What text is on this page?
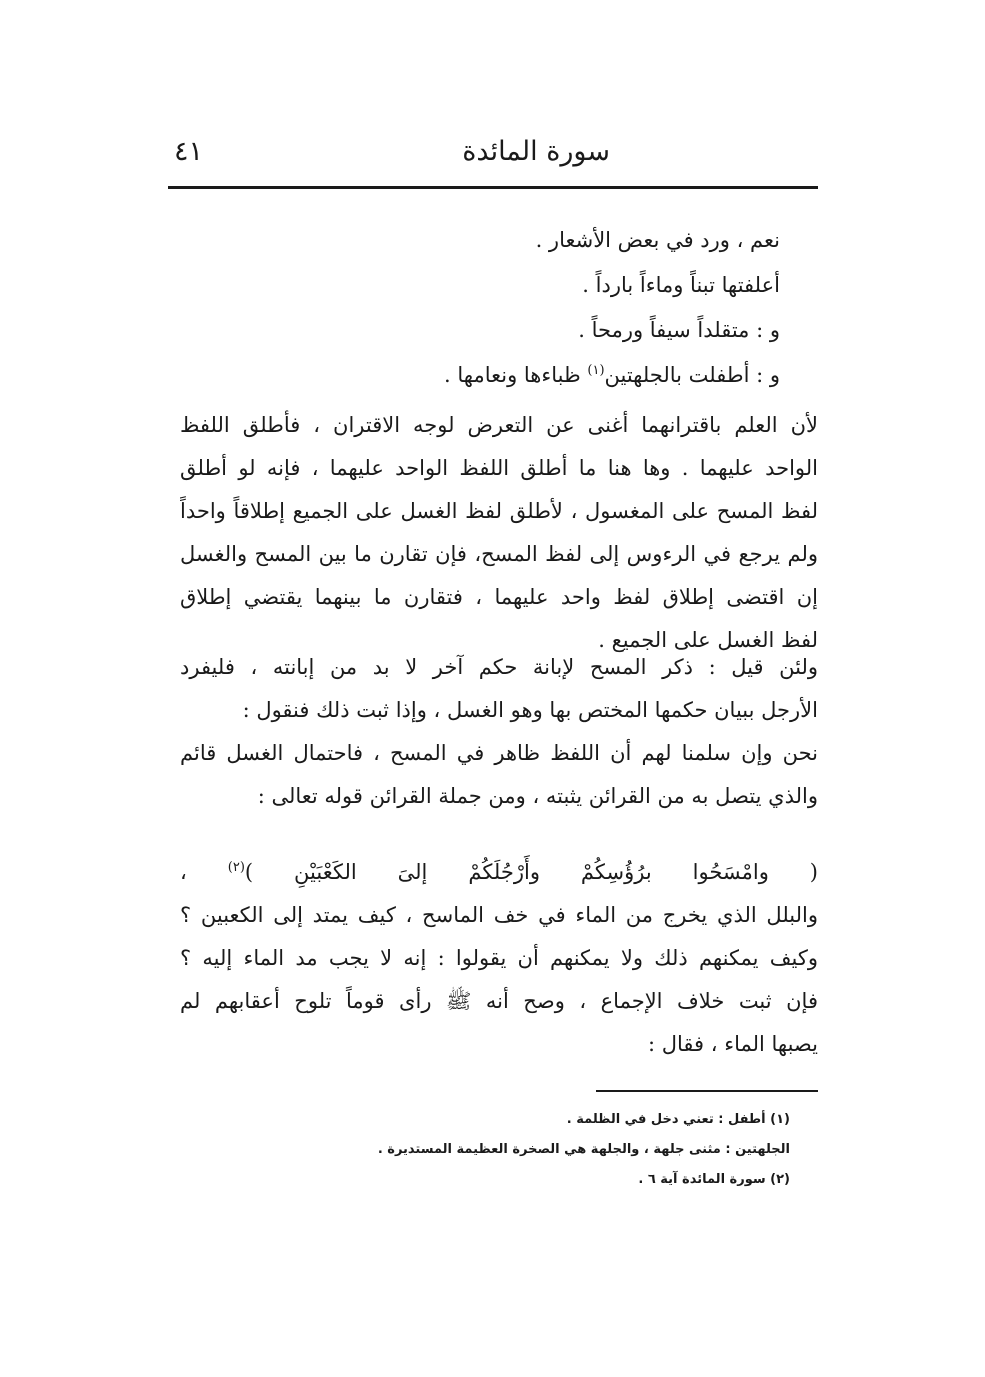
سورة المائدة
٤١
نعم ، ورد في بعض الأشعار .
أعلفتها تبناً وماءاً بارداً .
و : متقلداً سيفاً ورمحاً .
و : أطفلت بالجلهتين$^{(١)}$ ظباءها ونعامها .
لأن العلم باقترانهما أغنى عن التعرض لوجه الاقتران ، فأطلق اللفظ
الواحد عليهما . وها هنا ما أطلق اللفظ الواحد عليهما ، فإنه لو أطلق
لفظ المسح على المغسول ، لأطلق لفظ الغسل على الجميع إطلاقاً واحداً
ولم يرجع في الرءوس إلى لفظ المسح، فإن تقارن ما بين المسح والغسل
إن اقتضى إطلاق لفظ واحد عليهما ، فتقارن ما بينهما يقتضي إطلاق
لفظ الغسل على الجميع .
ولئن قيل : ذكر المسح لإبانة حكم آخر لا بد من إبانته ، فليفرد
الأرجل ببيان حكمها المختص بها وهو الغسل ، وإذا ثبت ذلك فنقول :
نحن وإن سلمنا لهم أن اللفظ ظاهر في المسح ، فاحتمال الغسل قائم
والذي يتصل به من القرائن يثبته ، ومن جملة القرائن قوله تعالى :
( وامْسَحُوا برُؤُسِكُمْ وأَرْجُلَكُمْ إلىَ الكَعْبَيْنِ )$^{(٢)}$ ،
والبلل الذي يخرج من الماء في خف الماسح ، كيف يمتد إلى الكعبين ؟
وكيف يمكنهم ذلك ولا يمكنهم أن يقولوا : إنه لا يجب مد الماء إليه ؟
فإن ثبت خلاف الإجماع ، وصح أنه ﷺ رأى قوماً تلوح أعقابهم لم
يصبها الماء ، فقال :
(١) أطفل : تعني دخل في الظلمة .
الجلهتين : مثنى جلهة ، والجلهة هي الصخرة العظيمة المستديرة .
(٢) سورة المائدة آية ٦ .
